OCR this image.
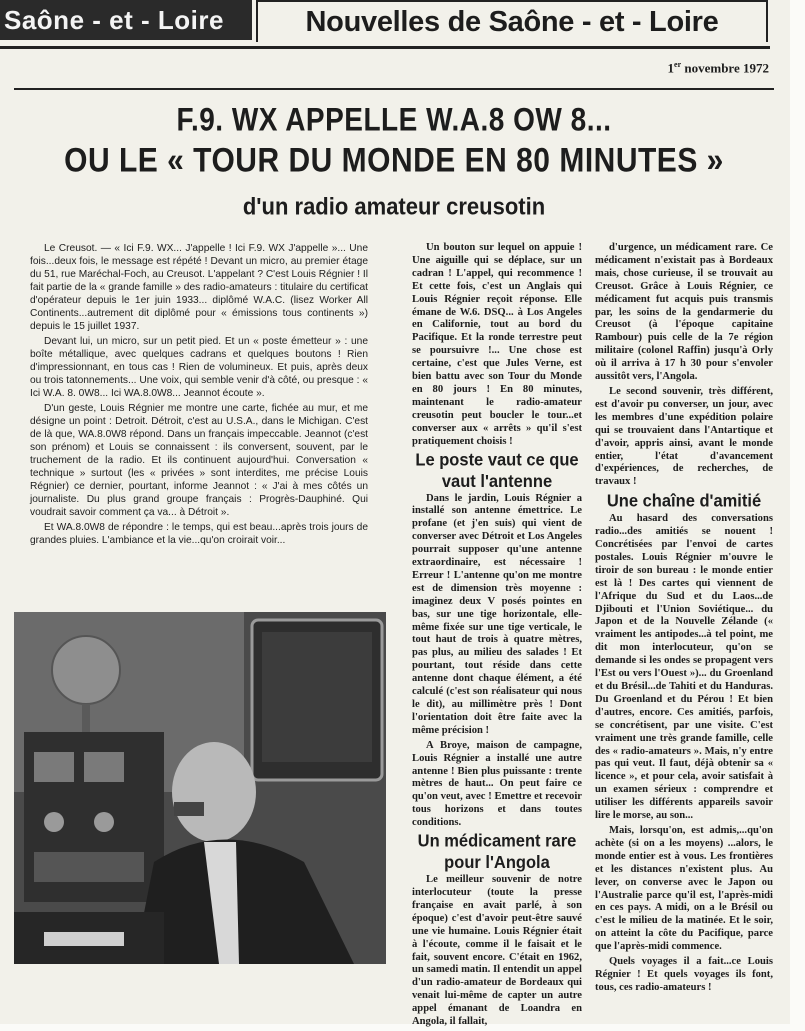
Saône - et - Loire	Nouvelles de Saône - et - Loire
1er novembre 1972
F.9. WX APPELLE W.A.8 OW 8...
OU LE « TOUR DU MONDE EN 80 MINUTES »
d'un radio amateur creusotin

Le Creusot. — « Ici F.9. WX... J'appelle ! Ici F.9. WX J'appelle »... Une fois...deux fois, le message est répété ! Devant un micro, au premier étage du 51, rue Maréchal-Foch, au Creusot. L'appelant ? C'est Louis Régnier ! Il fait partie de la « grande famille » des radio-amateurs : titulaire du certificat d'opérateur depuis le 1er juin 1933... diplômé W.A.C. (lisez Worker All Continents...autrement dit diplômé pour « émissions tous continents ») depuis le 15 juillet 1937.

Devant lui, un micro, sur un petit pied. Et un « poste émetteur » : une boîte métallique, avec quelques cadrans et quelques boutons ! Rien d'impressionnant, en tous cas ! Rien de volumineux. Et puis, après deux ou trois tatonnements... Une voix, qui semble venir d'à côté, ou presque : « Ici W.A. 8. 0W8... Ici WA.8.0W8... Jeannot écoute ».

D'un geste, Louis Régnier me montre une carte, fichée au mur, et me désigne un point : Detroit. Détroit, c'est au U.S.A., dans le Michigan. C'est de là que, WA.8.0W8 répond. Dans un français impeccable. Jeannot (c'est son prénom) et Louis se connaissent : ils conversent, souvent, par le truchement de la radio. Et ils continuent aujourd'hui. Conversation « technique » surtout (les « privées » sont interdites, me précise Louis Régnier) ce dernier, pourtant, informe Jeannot : « J'ai à mes côtés un journaliste. Du plus grand groupe français : Progrès-Dauphiné. Qui voudrait savoir comment ça va... à Détroit ».

Et WA.8.0W8 de répondre : le temps, qui est beau...après trois jours de grandes pluies. L'ambiance et la vie...qu'on croirait voir...

Un bouton sur lequel on appuie ! Une aiguille qui se déplace, sur un cadran ! L'appel, qui recommence ! Et cette fois, c'est un Anglais qui Louis Régnier reçoit réponse. Elle émane de W.6. DSQ... à Los Angeles en Californie, tout au bord du Pacifique. Et la ronde terrestre peut se poursuivre !... Une chose est certaine, c'est que Jules Verne, est bien battu avec son Tour du Monde en 80 jours ! En 80 minutes, maintenant le radio-amateur creusotin peut boucler le tour...et converser aux « arrêts » qu'il s'est pratiquement choisis !

Le poste vaut ce que vaut l'antenne

Dans le jardin, Louis Régnier a installé son antenne émettrice. Le profane (et j'en suis) qui vient de converser avec Détroit et Los Angeles pourrait supposer qu'une antenne extraordinaire, est nécessaire ! Erreur ! L'antenne qu'on me montre est de dimension très moyenne : imaginez deux V posés pointes en bas, sur une tige horizontale, elle-même fixée sur une tige verticale, le tout haut de trois à quatre mètres, pas plus, au milieu des salades ! Et pourtant, tout réside dans cette antenne dont chaque élément, a été calculé (c'est son réalisateur qui nous le dit), au millimètre près ! Dont l'orientation doit être faite avec la même précision !

A Broye, maison de campagne, Louis Régnier a installé une autre antenne ! Bien plus puissante : trente mètres de haut... On peut faire ce qu'on veut, avec ! Emettre et recevoir tous horizons et dans toutes conditions.

Un médicament rare pour l'Angola

Le meilleur souvenir de notre interlocuteur (toute la presse française en avait parlé, à son époque) c'est d'avoir peut-être sauvé une vie humaine. Louis Régnier était à l'écoute, comme il le faisait et le fait, souvent encore. C'était en 1962, un samedi matin. Il entendit un appel d'un radio-amateur de Bordeaux qui venait lui-même de capter un autre appel émanant de Loandra en Angola, il fallait,

d'urgence, un médicament rare. Ce médicament n'existait pas à Bordeaux mais, chose curieuse, il se trouvait au Creusot. Grâce à Louis Régnier, ce médicament fut acquis puis transmis par, les soins de la gendarmerie du Creusot (à l'époque capitaine Rambour) puis celle de la 7e région militaire (colonel Raffin) jusqu'à Orly où il arriva à 17 h 30 pour s'envoler aussitôt vers, l'Angola.

Le second souvenir, très différent, est d'avoir pu converser, un jour, avec les membres d'une expédition polaire qui se trouvaient dans l'Antartique et d'avoir, appris ainsi, avant le monde entier, l'état d'avancement d'expériences, de recherches, de travaux !

Une chaîne d'amitié

Au hasard des conversations radio...des amitiés se nouent ! Concrétisées par l'envoi de cartes postales. Louis Régnier m'ouvre le tiroir de son bureau : le monde entier est là ! Des cartes qui viennent de l'Afrique du Sud et du Laos...de Djibouti et l'Union Soviétique... du Japon et de la Nouvelle Zélande (« vraiment les antipodes...à tel point, me dit mon interlocuteur, qu'on se demande si les ondes se propagent vers l'Est ou vers l'Ouest »)... du Groenland et du Brésil...de Tahiti et du Handuras. Du Groenland et du Pérou ! Et bien d'autres, encore. Ces amitiés, parfois, se concrétisent, par une visite. C'est vraiment une très grande famille, celle des « radio-amateurs ». Mais, n'y entre pas qui veut. Il faut, déjà obtenir sa « licence », et pour cela, avoir satisfait à un examen sérieux : comprendre et utiliser les différents appareils savoir lire le morse, au son...

Mais, lorsqu'on, est admis,...qu'on achète (si on a les moyens) ...alors, le monde entier est à vous. Les frontières et les distances n'existent plus. Au lever, on converse avec le Japon ou l'Australie parce qu'il est, l'après-midi en ces pays. A midi, on a le Brésil ou c'est le milieu de la matinée. Et le soir, on atteint la côte du Pacifique, parce que l'après-midi commence.

Quels voyages il a fait...ce Louis Régnier ! Et quels voyages ils font, tous, ces radio-amateurs !
